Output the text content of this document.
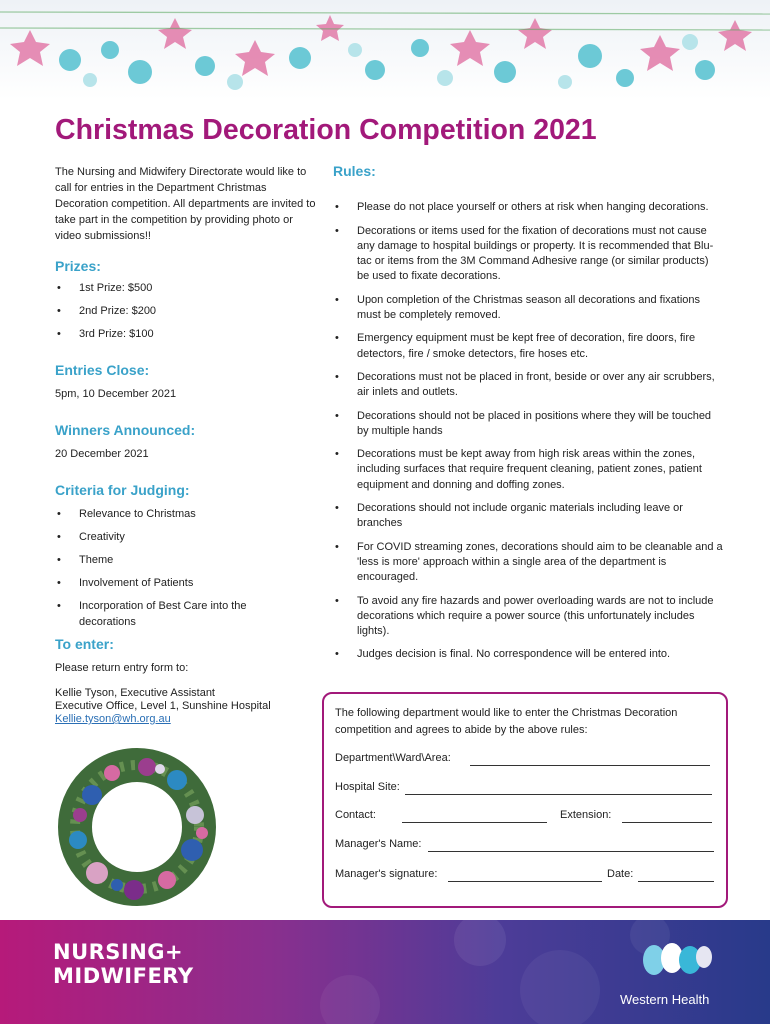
Christmas Decoration Competition 2021

The Nursing and Midwifery Directorate would like to call for entries in the Department Christmas Decoration competition. All departments are invited to take part in the competition by providing photo or video submissions!!

Prizes:
• 1st Prize: $500
• 2nd Prize: $200
• 3rd Prize: $100
Entries Close:

5pm, 10 December 2021

Winners Announced:

20 December 2021

Criteria for Judging:
• Relevance to Christmas
• Creativity
• Theme
• Involvement of Patients
• Incorporation of Best Care into the decorations
To enter:

Please return entry form to:

Kellie Tyson, Executive Assistant

Executive Office, Level 1, Sunshine Hospital

Kellie.tyson@wh.org.au

Rules:
• Please do not place yourself or others at risk when hanging decorations.
• Decorations or items used for the fixation of decorations must not cause any damage to hospital buildings or property. It is recommended that Blu-tac or items from the 3M Command Adhesive range (or similar products) be used to fixate decorations.
• Upon completion of the Christmas season all decorations and fixations must be completely removed.
• Emergency equipment must be kept free of decoration, fire doors, fire detectors, fire / smoke detectors, fire hoses etc.
• Decorations must not be placed in front, beside or over any air scrubbers, air inlets and outlets.
• Decorations should not be placed in positions where they will be touched by multiple hands
• Decorations must be kept away from high risk areas within the zones, including surfaces that require frequent cleaning, patient zones, patient equipment and donning and doffing zones.
• Decorations should not include organic materials including leave or branches
• For COVID streaming zones, decorations should aim to be cleanable and a 'less is more' approach within a single area of the department is encouraged.
• To avoid any fire hazards and power overloading wards are not to include decorations which require a power source (this unfortunately includes lights).
• Judges decision is final. No correspondence will be entered into.

The following department would like to enter the Christmas Decoration competition and agrees to abide by the above rules:

Department\Ward\Area:
Hospital Site:
Contact:	Extension:
Manager's Name:
Manager's signature:	Date:
NURSING+
MIDWIFERY
Western Health
